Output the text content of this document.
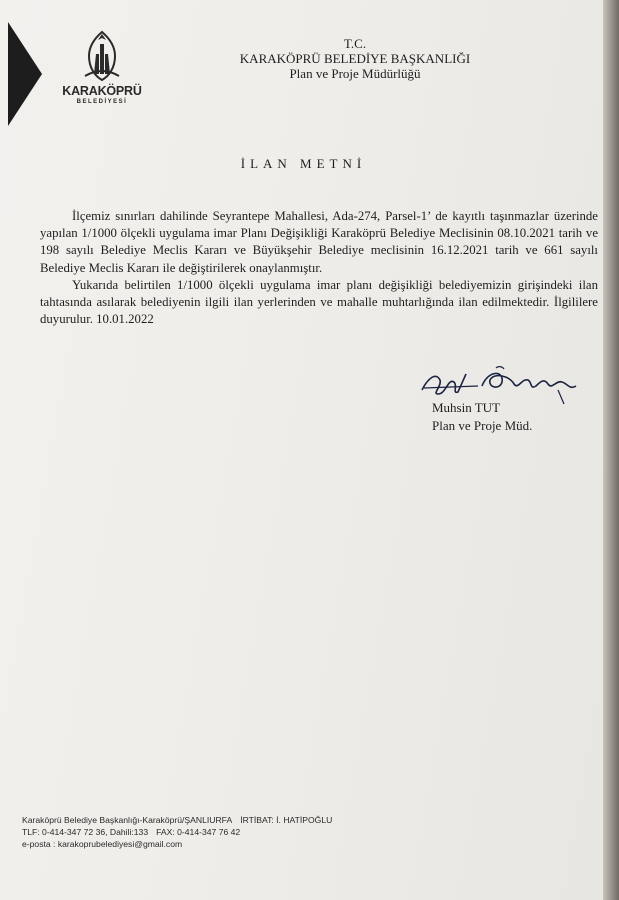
KARAKÖPRÜ
BELEDİYESİ
T.C.
KARAKÖPRÜ BELEDİYE BAŞKANLIĞI
Plan ve Proje Müdürlüğü
İLAN METNİ

İlçemiz sınırları dahilinde Seyrantepe Mahallesi, Ada-274, Parsel-1’ de kayıtlı taşınmazlar üzerinde yapılan 1/1000 ölçekli uygulama imar Planı Değişikliği Karaköprü Belediye Meclisinin 08.10.2021 tarih ve 198 sayılı Belediye Meclis Kararı ve Büyükşehir Belediye meclisinin 16.12.2021 tarih ve 661 sayılı Belediye Meclis Kararı ile değiştirilerek onaylanmıştır.

Yukarıda belirtilen 1/1000 ölçekli uygulama imar planı değişikliği belediyemizin girişindeki ilan tahtasında asılarak belediyenin ilgili ilan yerlerinden ve mahalle muhtarlığında ilan edilmektedir. İlgililere duyurulur. 10.01.2022

Muhsin TUT
Plan ve Proje Müd.
Karaköprü Belediye Başkanlığı-Karaköprü/ŞANLIURFA İRTİBAT: İ. HATİPOĞLU
TLF: 0-414-347 72 36, Dahili:133 FAX: 0-414-347 76 42
e-posta : karakoprubelediyesi@gmail.com
